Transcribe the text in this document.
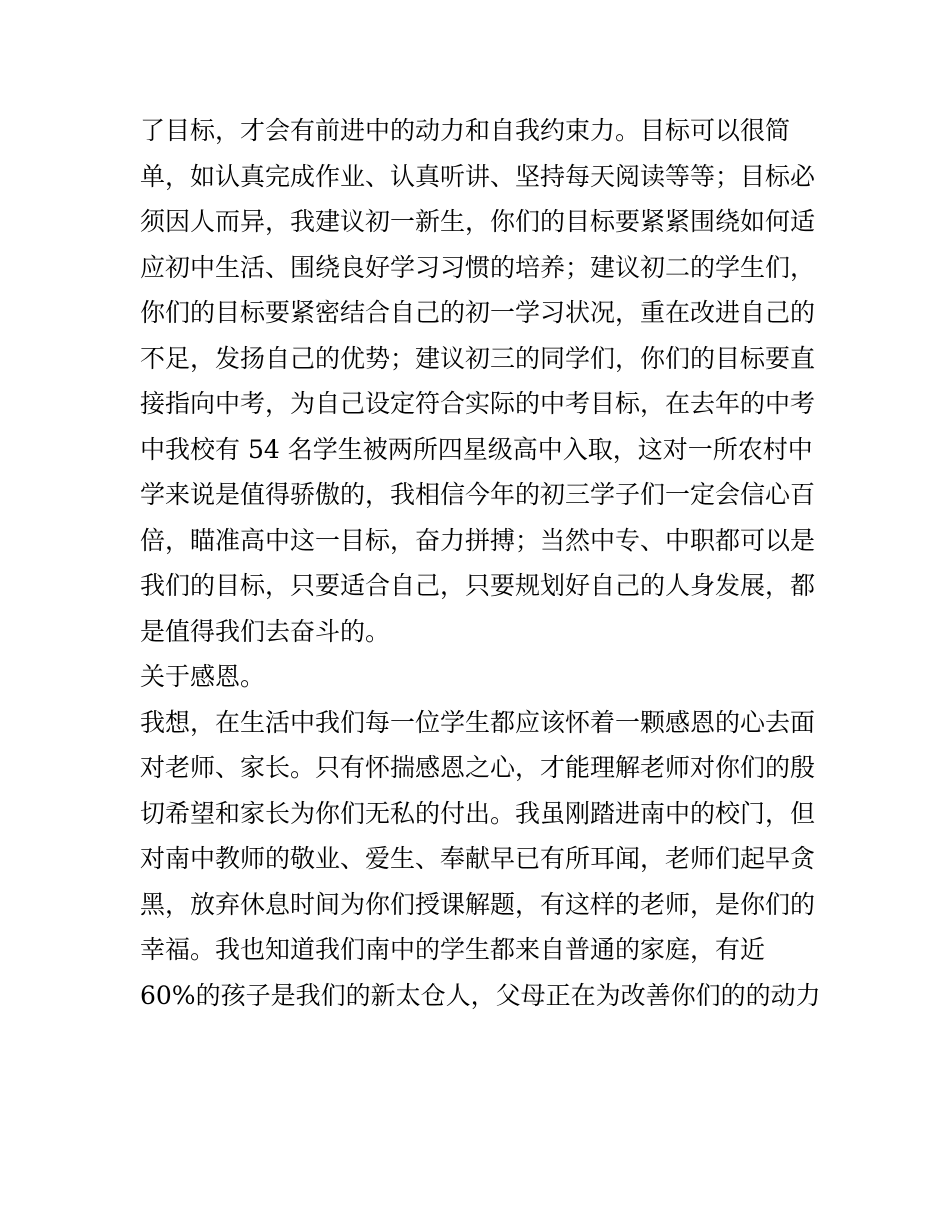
了目标，才会有前进中的动力和自我约束力。目标可以很简
单，如认真完成作业、认真听讲、坚持每天阅读等等；目标必
须因人而异，我建议初一新生，你们的目标要紧紧围绕如何适
应初中生活、围绕良好学习习惯的培养；建议初二的学生们，
你们的目标要紧密结合自己的初一学习状况，重在改进自己的
不足，发扬自己的优势；建议初三的同学们，你们的目标要直
接指向中考，为自己设定符合实际的中考目标，在去年的中考
中我校有 54 名学生被两所四星级高中入取，这对一所农村中
学来说是值得骄傲的，我相信今年的初三学子们一定会信心百
倍，瞄准高中这一目标，奋力拼搏；当然中专、中职都可以是
我们的目标，只要适合自己，只要规划好自己的人身发展，都
是值得我们去奋斗的。
关于感恩。
我想，在生活中我们每一位学生都应该怀着一颗感恩的心去面
对老师、家长。只有怀揣感恩之心，才能理解老师对你们的殷
切希望和家长为你们无私的付出。我虽刚踏进南中的校门，但
对南中教师的敬业、爱生、奉献早已有所耳闻，老师们起早贪
黑，放弃休息时间为你们授课解题，有这样的老师，是你们的
幸福。我也知道我们南中的学生都来自普通的家庭，有近
60%的孩子是我们的新太仓人，父母正在为改善你们的的动力
